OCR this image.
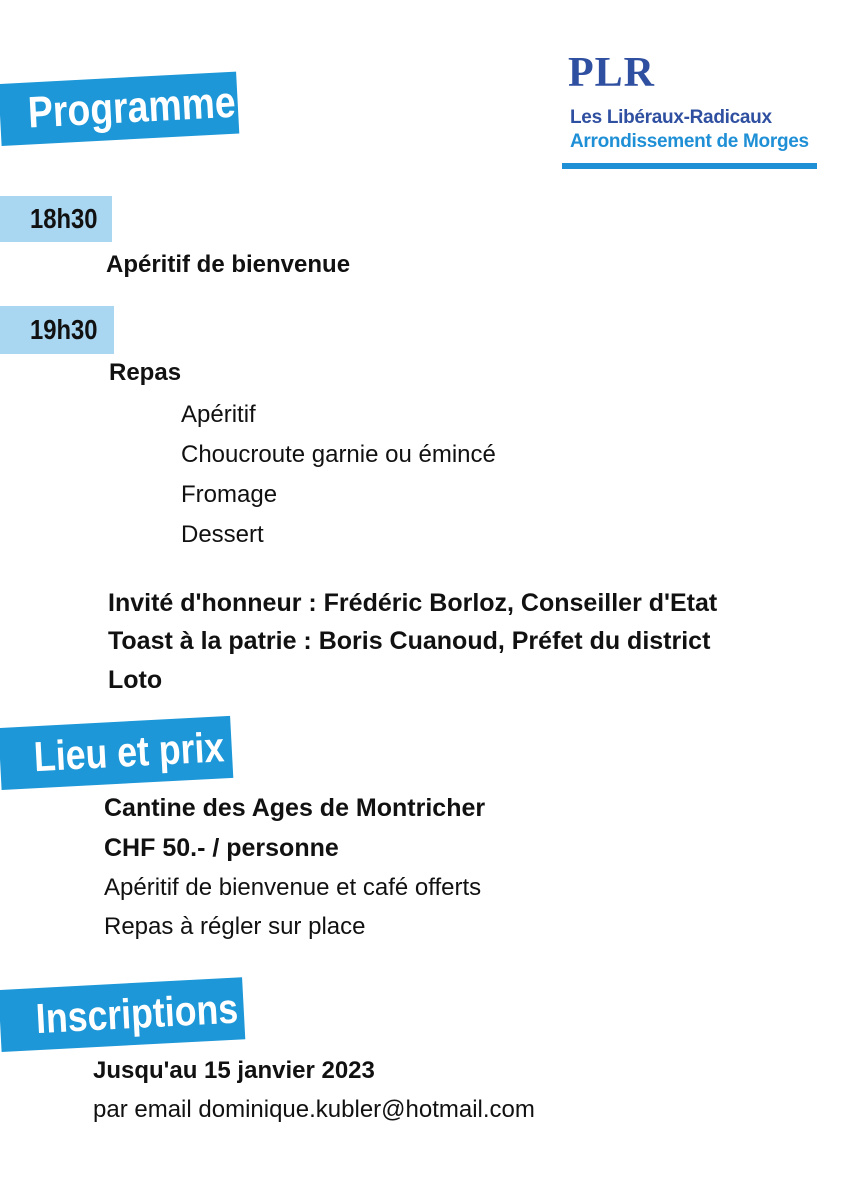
PLR
Les Libéraux-Radicaux
Arrondissement de Morges
Programme
18h30
Apéritif de bienvenue
19h30
Repas
Apéritif
Choucroute garnie ou émincé
Fromage
Dessert
Invité d'honneur : Frédéric Borloz, Conseiller d'Etat
Toast à la patrie : Boris Cuanoud, Préfet du district
Loto
Lieu et prix
Cantine des Ages de Montricher
CHF 50.- / personne
Apéritif de bienvenue et café offerts
Repas à régler sur place
Inscriptions
Jusqu'au 15 janvier 2023
par email dominique.kubler@hotmail.com
